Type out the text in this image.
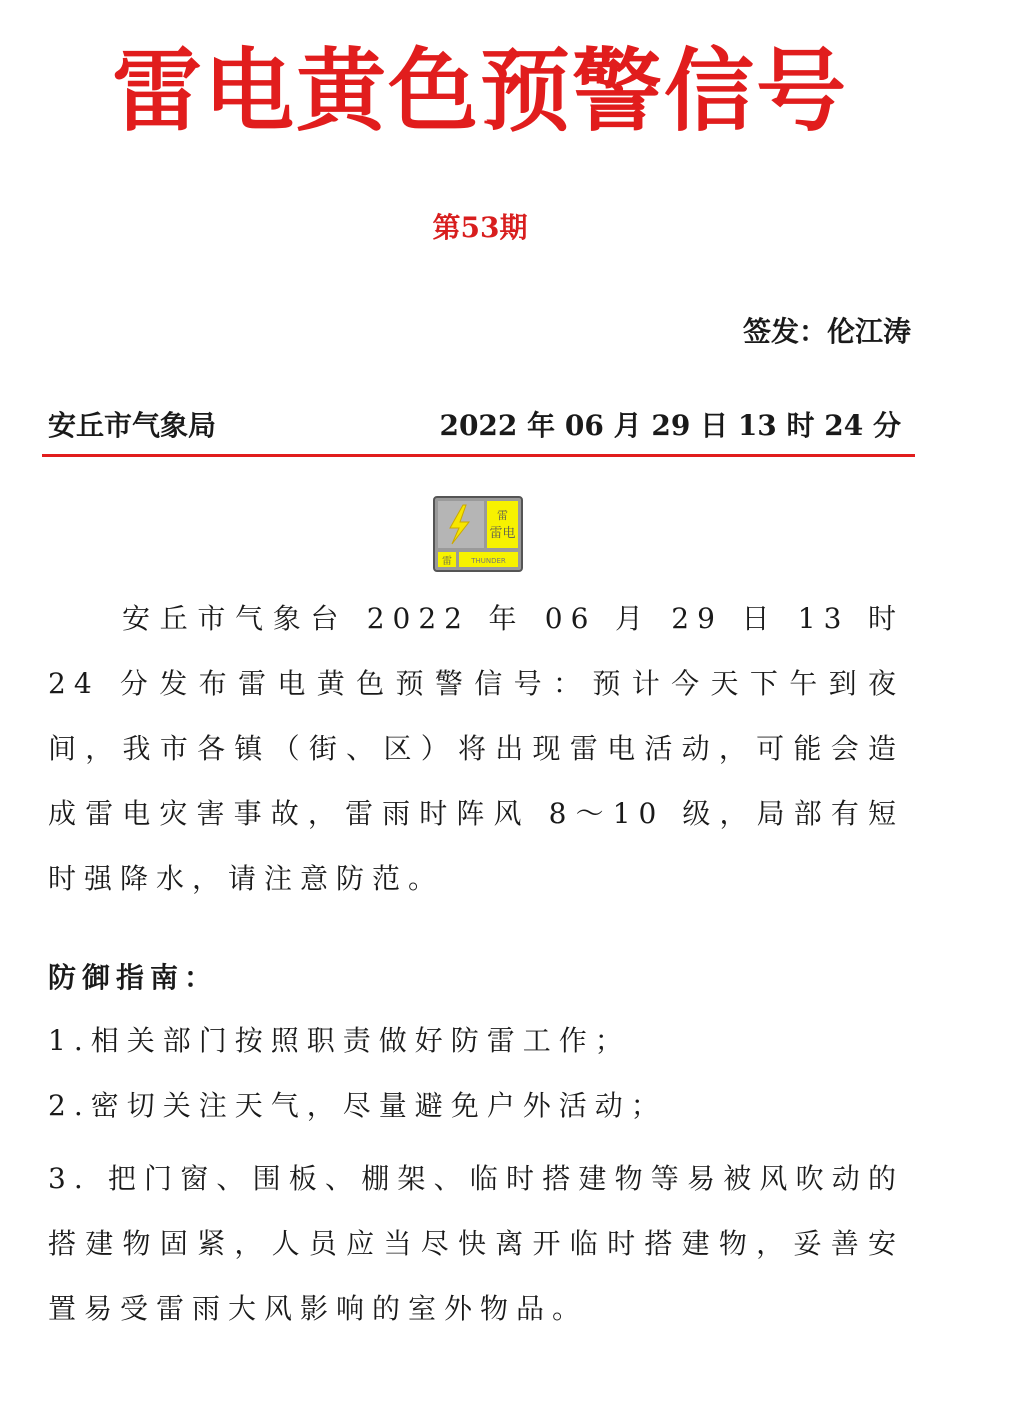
雷电黄色预警信号
第53期
签发：伦江涛
安丘市气象局	2022 年 06 月 29 日 13 时 24 分
雷
雷电
雷	THUNDER

安丘市气象台 2022 年 06 月 29 日 13 时 24 分发布雷电黄色预警信号：预计今天下午到夜间，我市各镇（街、区）将出现雷电活动，可能会造成雷电灾害事故，雷雨时阵风 8～10 级，局部有短时强降水，请注意防范。

防御指南：

1.相关部门按照职责做好防雷工作；

2.密切关注天气，尽量避免户外活动；

3. 把门窗、围板、棚架、临时搭建物等易被风吹动的搭建物固紧，人员应当尽快离开临时搭建物，妥善安置易受雷雨大风影响的室外物品。
